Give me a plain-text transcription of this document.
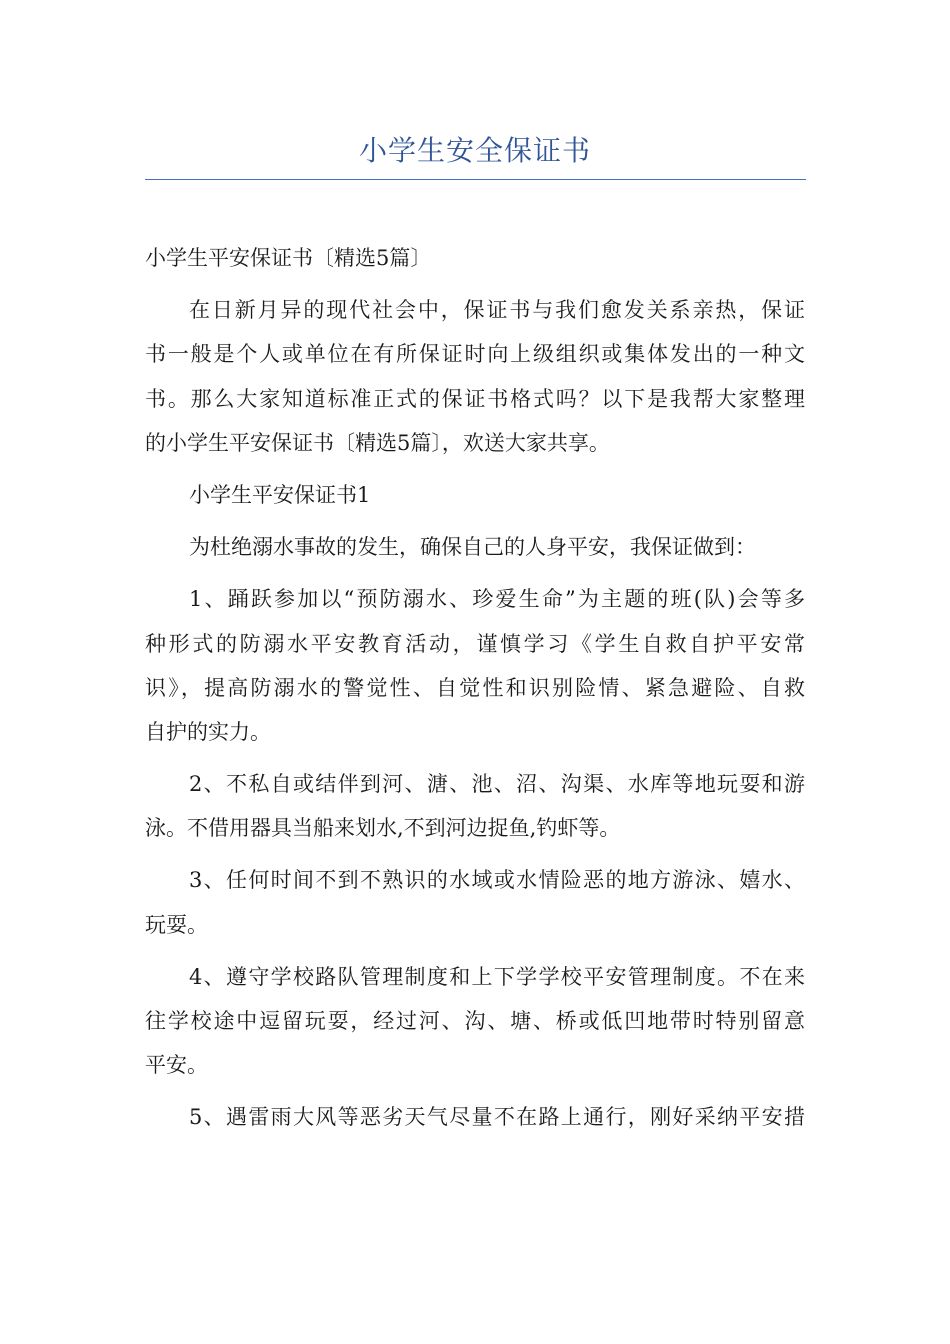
小学生安全保证书
小学生平安保证书〔精选5篇〕
在日新月异的现代社会中，保证书与我们愈发关系亲热，保证
书一般是个人或单位在有所保证时向上级组织或集体发出的一种文
书。那么大家知道标准正式的保证书格式吗？以下是我帮大家整理
的小学生平安保证书〔精选5篇〕，欢送大家共享。
小学生平安保证书1
为杜绝溺水事故的发生，确保自己的人身平安，我保证做到：
1、踊跃参加以“预防溺水、珍爱生命”为主题的班(队)会等多
种形式的防溺水平安教育活动，谨慎学习《学生自救自护平安常
识》，提高防溺水的警觉性、自觉性和识别险情、紧急避险、自救
自护的实力。
2、不私自或结伴到河、溏、池、沼、沟渠、水库等地玩耍和游
泳。不借用器具当船来划水,不到河边捉鱼,钓虾等。
3、任何时间不到不熟识的水域或水情险恶的地方游泳、嬉水、
玩耍。
4、遵守学校路队管理制度和上下学学校平安管理制度。不在来
往学校途中逗留玩耍，经过河、沟、塘、桥或低凹地带时特别留意
平安。
5、遇雷雨大风等恶劣天气尽量不在路上通行，刚好采纳平安措
